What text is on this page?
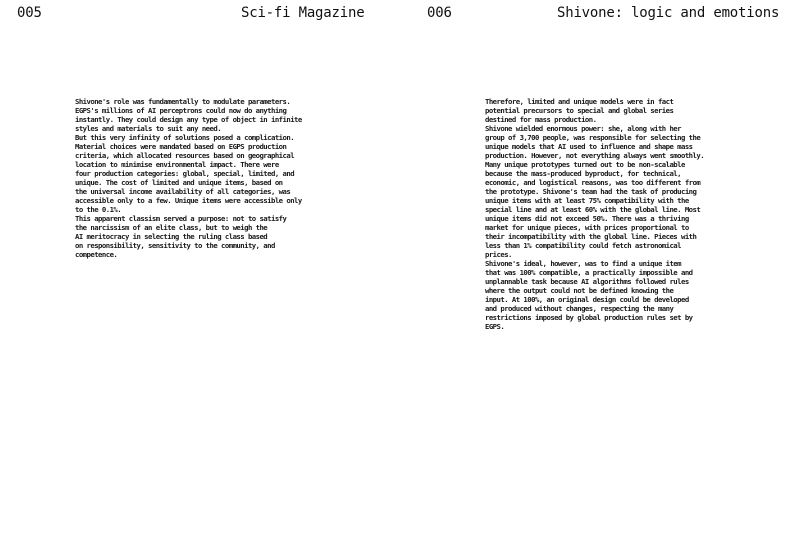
005	Sci-fi Magazine
Shivone's role was fundamentally to modulate parameters.
EGPS's millions of AI perceptrons could now do anything
instantly. They could design any type of object in infinite
styles and materials to suit any need.
But this very infinity of solutions posed a complication.
Material choices were mandated based on EGPS production
criteria, which allocated resources based on geographical
location to minimise environmental impact. There were
four production categories: global, special, limited, and
unique. The cost of limited and unique items, based on
the universal income availability of all categories, was
accessible only to a few. Unique items were accessible only
to the 0.1%.
This apparent classism served a purpose: not to satisfy
the narcissism of an elite class, but to weigh the
AI meritocracy in selecting the ruling class based
on responsibility, sensitivity to the community, and
competence.
006	Shivone: logic and emotions
Therefore, limited and unique models were in fact
potential precursors to special and global series
destined for mass production.
Shivone wielded enormous power: she, along with her
group of 3,700 people, was responsible for selecting the
unique models that AI used to influence and shape mass
production. However, not everything always went smoothly.
Many unique prototypes turned out to be non-scalable
because the mass-produced byproduct, for technical,
economic, and logistical reasons, was too different from
the prototype. Shivone's team had the task of producing
unique items with at least 75% compatibility with the
special line and at least 60% with the global line. Most
unique items did not exceed 50%. There was a thriving
market for unique pieces, with prices proportional to
their incompatibility with the global line. Pieces with
less than 1% compatibility could fetch astronomical
prices.
Shivone's ideal, however, was to find a unique item
that was 100% compatible, a practically impossible and
unplannable task because AI algorithms followed rules
where the output could not be defined knowing the
input. At 100%, an original design could be developed
and produced without changes, respecting the many
restrictions imposed by global production rules set by
EGPS.
